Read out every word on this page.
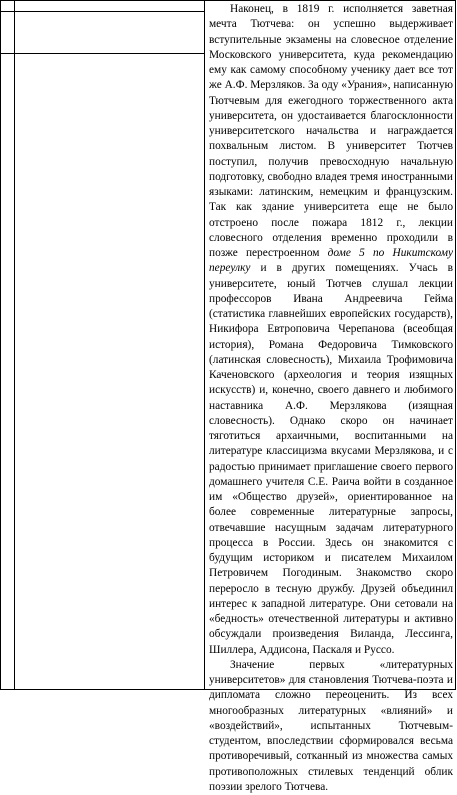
Наконец, в 1819 г. исполняется заветная мечта Тютчева: он успешно выдерживает вступительные экзамены на словесное отделение Московского университета, куда рекомендацию ему как самому способному ученику дает все тот же А.Ф. Мерзляков. За оду «Урания», написанную Тютчевым для ежегодного торжественного акта университета, он удостаивается благосклонности университетского начальства и награждается похвальным листом. В университет Тютчев поступил, получив превосходную начальную подготовку, свободно владея тремя иностранными языками: латинским, немецким и французским. Так как здание университета еще не было отстроено после пожара 1812 г., лекции словесного отделения временно проходили в позже перестроенном доме 5 по Никитскому переулку и в других помещениях. Учась в университете, юный Тютчев слушал лекции профессоров Ивана Андреевича Гейма (статистика главнейших европейских государств), Никифора Евтроповича Черепанова (всеобщая история), Романа Федоровича Тимковского (латинская словесность), Михаила Трофимовича Каченовского (археология и теория изящных искусств) и, конечно, своего давнего и любимого наставника А.Ф. Мерзлякова (изящная словесность). Однако скоро он начинает тяготиться архаичными, воспитанными на литературе классицизма вкусами Мерзлякова, и с радостью принимает приглашение своего первого домашнего учителя С.Е. Раича войти в созданное им «Общество друзей», ориентированное на более современные литературные запросы, отвечавшие насущным задачам литературного процесса в России. Здесь он знакомится с будущим историком и писателем Михаилом Петровичем Погодиным. Знакомство скоро переросло в тесную дружбу. Друзей объединил интерес к западной литературе. Они сетовали на «бедность» отечественной литературы и активно обсуждали произведения Виланда, Лессинга, Шиллера, Аддисона, Паскаля и Руссо.

Значение первых «литературных университетов» для становления Тютчева-поэта и дипломата сложно переоценить. Из всех многообразных литературных «влияний» и «воздействий», испытанных Тютчевым-студентом, впоследствии сформировался весьма противоречивый, сотканный из множества самых противоположных стилевых тенденций облик поэзии зрелого Тютчева.
